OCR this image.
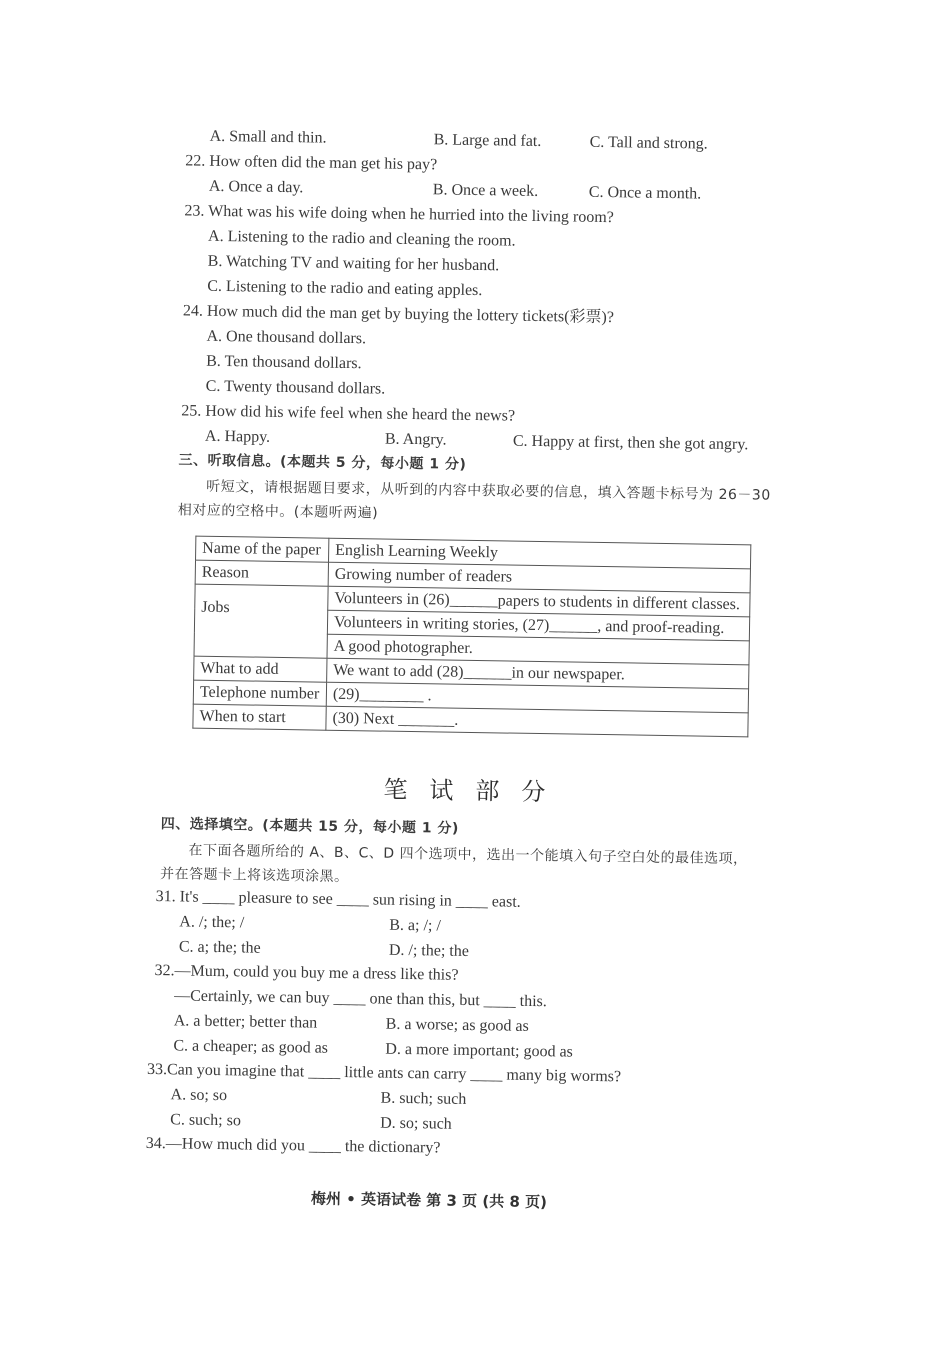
A. Small and thin.	B. Large and fat.	C. Tall and strong.
22. How often did the man get his pay?
A. Once a day.	B. Once a week.	C. Once a month.
23. What was his wife doing when he hurried into the living room?
A. Listening to the radio and cleaning the room.
B. Watching TV and waiting for her husband.
C. Listening to the radio and eating apples.
24. How much did the man get by buying the lottery tickets(彩票)?
A. One thousand dollars.
B. Ten thousand dollars.
C. Twenty thousand dollars.
25. How did his wife feel when she heard the news?
A. Happy.	B. Angry.	C. Happy at first, then she got angry.
三、听取信息。(本题共 5 分，每小题 1 分)
听短文，请根据题目要求，从听到的内容中获取必要的信息，填入答题卡标号为 26－30
相对应的空格中。(本题听两遍)
Name of the paper	English Learning Weekly
Reason	Growing number of readers
Jobs	Volunteers in (26)______papers to students in different classes.
	Volunteers in writing stories, (27)______, and proof-reading.
	A good photographer.
What to add	We want to add (28)______in our newspaper.
Telephone number	(29)________ .
When to start	(30) Next _______.
笔试部分
四、选择填空。(本题共 15 分，每小题 1 分)
在下面各题所给的 A、B、C、D 四个选项中，选出一个能填入句子空白处的最佳选项，
并在答题卡上将该选项涂黑。
31. It's ____ pleasure to see ____ sun rising in ____ east.
A. /; the; /	B. a; /; /
C. a; the; the	D. /; the; the
32.—Mum, could you buy me a dress like this?
—Certainly, we can buy ____ one than this, but ____ this.
A. a better; better than	B. a worse; as good as
C. a cheaper; as good as	D. a more important; good as
33.Can you imagine that ____ little ants can carry ____ many big worms?
A. so; so	B. such; such
C. such; so	D. so; such
34.—How much did you ____ the dictionary?
梅州 • 英语试卷 第 3 页 (共 8 页)
